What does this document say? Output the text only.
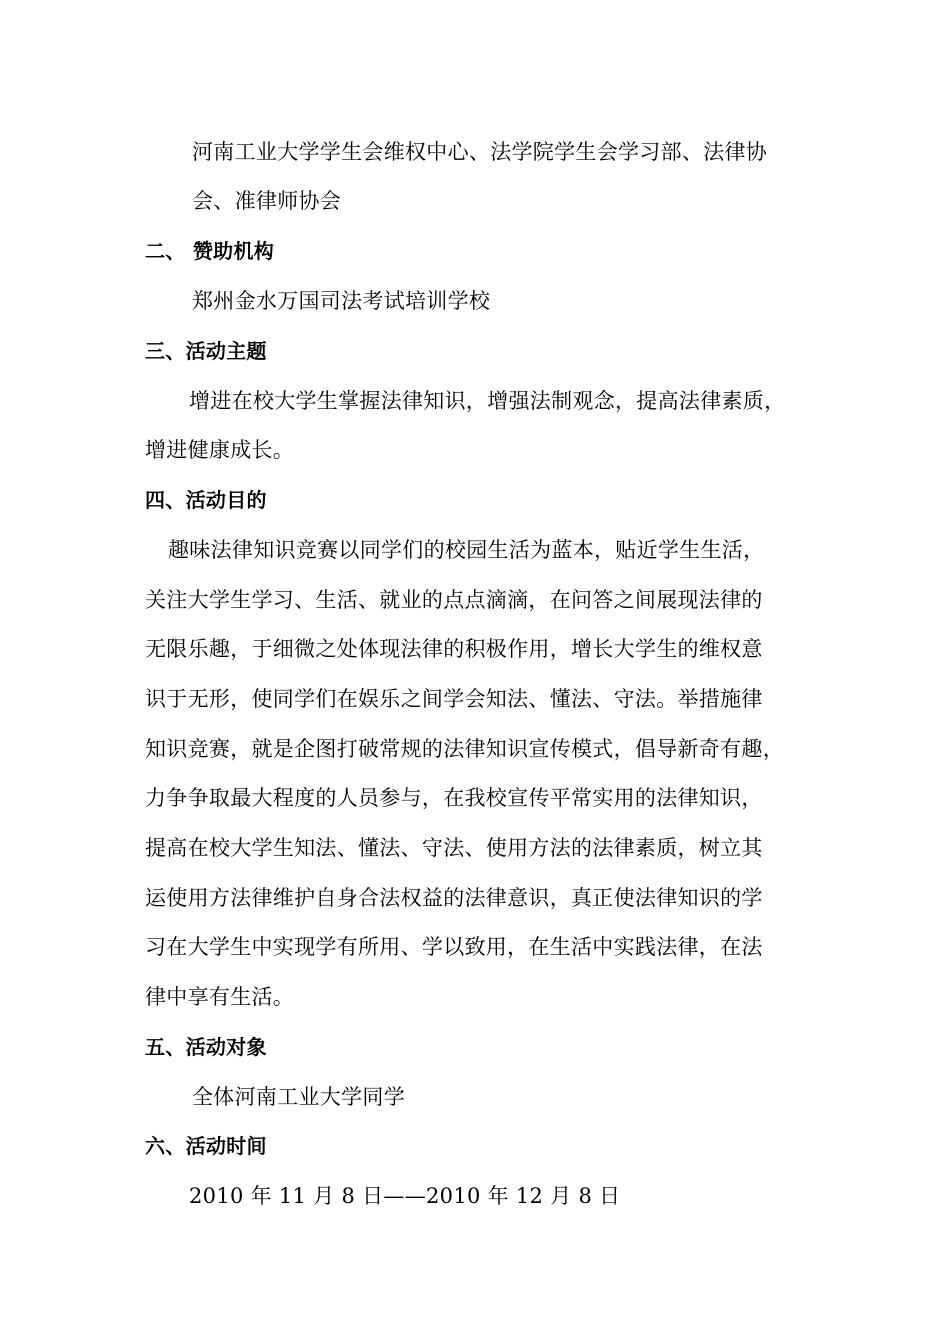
河南工业大学学生会维权中心、法学院学生会学习部、法律协
会、准律师协会
二、 赞助机构
郑州金水万国司法考试培训学校
三、活动主题
增进在校大学生掌握法律知识，增强法制观念，提高法律素质，
增进健康成长。
四、活动目的
趣味法律知识竞赛以同学们的校园生活为蓝本，贴近学生生活，
关注大学生学习、生活、就业的点点滴滴，在问答之间展现法律的
无限乐趣，于细微之处体现法律的积极作用，增长大学生的维权意
识于无形，使同学们在娱乐之间学会知法、懂法、守法。举措施律
知识竞赛，就是企图打破常规的法律知识宣传模式，倡导新奇有趣，
力争争取最大程度的人员参与，在我校宣传平常实用的法律知识，
提高在校大学生知法、懂法、守法、使用方法的法律素质，树立其
运使用方法律维护自身合法权益的法律意识，真正使法律知识的学
习在大学生中实现学有所用、学以致用，在生活中实践法律，在法
律中享有生活。
五、活动对象
全体河南工业大学同学
六、活动时间
2010 年 11 月 8 日——2010 年 12 月 8 日
